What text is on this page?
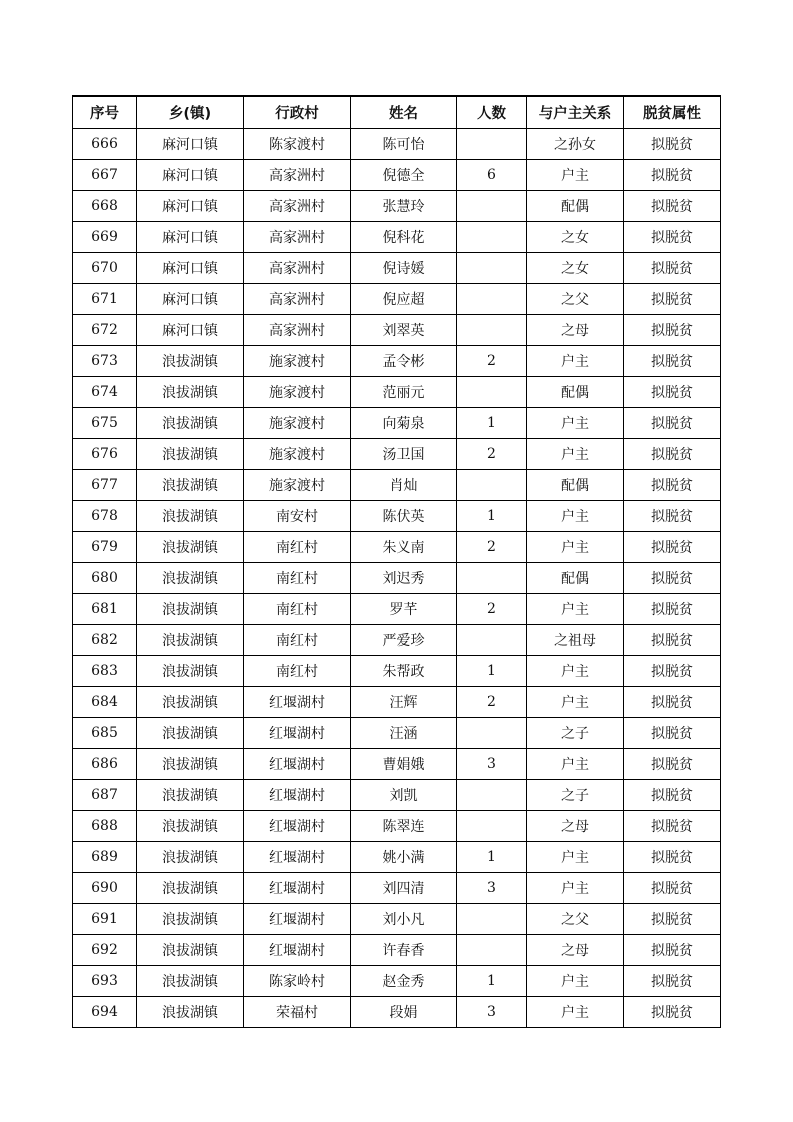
序号	乡(镇)	行政村	姓名	人数	与户主关系	脱贫属性
666	麻河口镇	陈家渡村	陈可怡		之孙女	拟脱贫
667	麻河口镇	高家洲村	倪德全	6	户主	拟脱贫
668	麻河口镇	高家洲村	张慧玲		配偶	拟脱贫
669	麻河口镇	高家洲村	倪科花		之女	拟脱贫
670	麻河口镇	高家洲村	倪诗媛		之女	拟脱贫
671	麻河口镇	高家洲村	倪应超		之父	拟脱贫
672	麻河口镇	高家洲村	刘翠英		之母	拟脱贫
673	浪拔湖镇	施家渡村	孟令彬	2	户主	拟脱贫
674	浪拔湖镇	施家渡村	范丽元		配偶	拟脱贫
675	浪拔湖镇	施家渡村	向菊泉	1	户主	拟脱贫
676	浪拔湖镇	施家渡村	汤卫国	2	户主	拟脱贫
677	浪拔湖镇	施家渡村	肖灿		配偶	拟脱贫
678	浪拔湖镇	南安村	陈伏英	1	户主	拟脱贫
679	浪拔湖镇	南红村	朱义南	2	户主	拟脱贫
680	浪拔湖镇	南红村	刘迟秀		配偶	拟脱贫
681	浪拔湖镇	南红村	罗芊	2	户主	拟脱贫
682	浪拔湖镇	南红村	严爱珍		之祖母	拟脱贫
683	浪拔湖镇	南红村	朱帮政	1	户主	拟脱贫
684	浪拔湖镇	红堰湖村	汪辉	2	户主	拟脱贫
685	浪拔湖镇	红堰湖村	汪涵		之子	拟脱贫
686	浪拔湖镇	红堰湖村	曹娟娥	3	户主	拟脱贫
687	浪拔湖镇	红堰湖村	刘凯		之子	拟脱贫
688	浪拔湖镇	红堰湖村	陈翠连		之母	拟脱贫
689	浪拔湖镇	红堰湖村	姚小满	1	户主	拟脱贫
690	浪拔湖镇	红堰湖村	刘四清	3	户主	拟脱贫
691	浪拔湖镇	红堰湖村	刘小凡		之父	拟脱贫
692	浪拔湖镇	红堰湖村	许春香		之母	拟脱贫
693	浪拔湖镇	陈家岭村	赵金秀	1	户主	拟脱贫
694	浪拔湖镇	荣福村	段娟	3	户主	拟脱贫
